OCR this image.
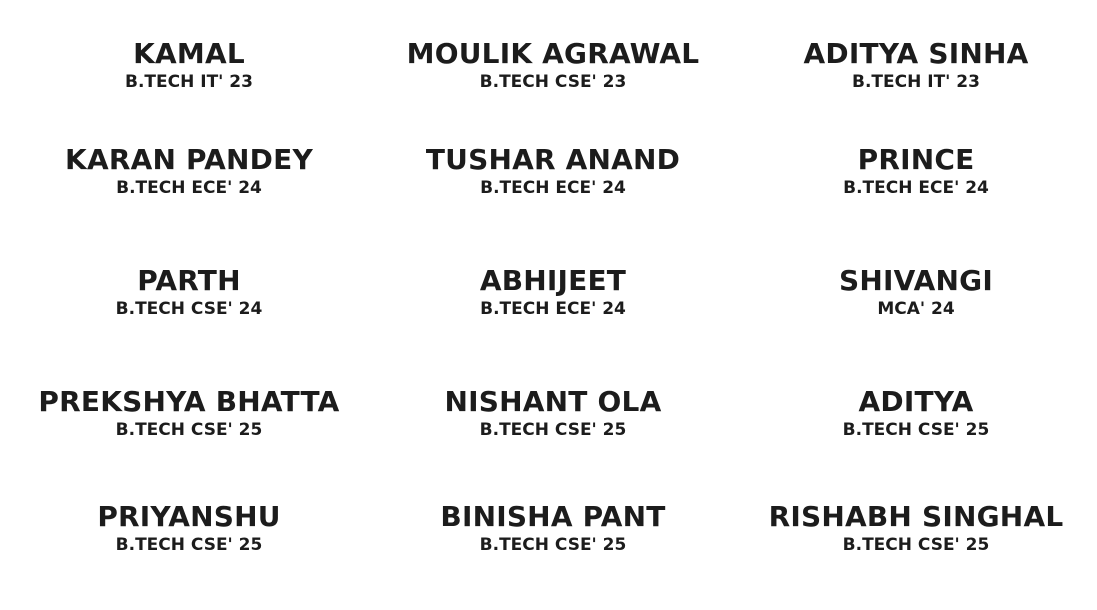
KAMAL
B.TECH IT' 23
MOULIK AGRAWAL
B.TECH CSE' 23
ADITYA SINHA
B.TECH IT' 23
KARAN PANDEY
B.TECH ECE' 24
TUSHAR ANAND
B.TECH ECE' 24
PRINCE
B.TECH ECE' 24
PARTH
B.TECH CSE' 24
ABHIJEET
B.TECH ECE' 24
SHIVANGI
MCA' 24
PREKSHYA BHATTA
B.TECH CSE' 25
NISHANT OLA
B.TECH CSE' 25
ADITYA
B.TECH CSE' 25
PRIYANSHU
B.TECH CSE' 25
BINISHA PANT
B.TECH CSE' 25
RISHABH SINGHAL
B.TECH CSE' 25
